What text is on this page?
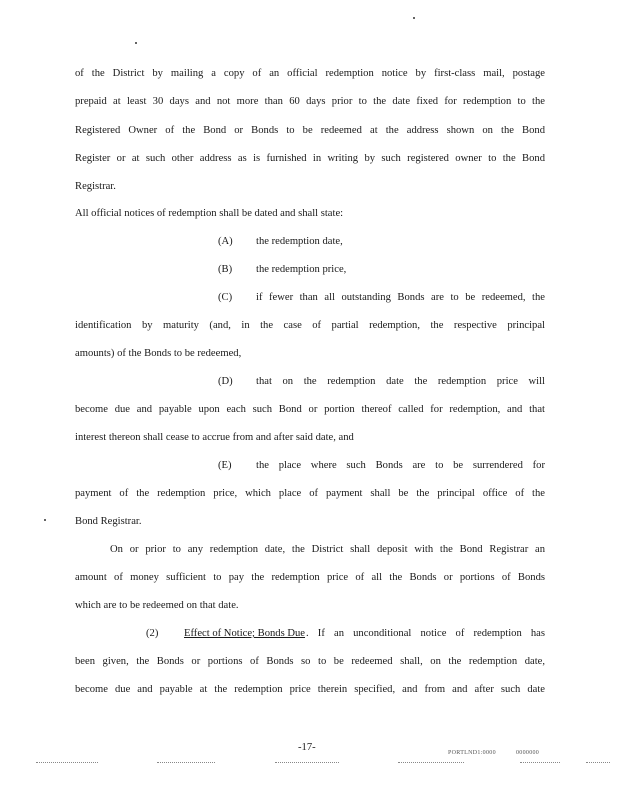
of the District by mailing a copy of an official redemption notice by first-class mail, postage
prepaid at least 30 days and not more than 60 days prior to the date fixed for redemption to the
Registered Owner of the Bond or Bonds to be redeemed at the address shown on the Bond
Register or at such other address as is furnished in writing by such registered owner to the Bond
Registrar.
All official notices of redemption shall be dated and shall state:
(A) the redemption date,
(B) the redemption price,
(C) if fewer than all outstanding Bonds are to be redeemed, the
identification by maturity (and, in the case of partial redemption, the respective principal
amounts) of the Bonds to be redeemed,
(D) that on the redemption date the redemption price will
become due and payable upon each such Bond or portion thereof called for redemption, and that
interest thereon shall cease to accrue from and after said date, and
(E) the place where such Bonds are to be surrendered for
payment of the redemption price, which place of payment shall be the principal office of the
Bond Registrar.
On or prior to any redemption date, the District shall deposit with the Bond Registrar an
amount of money sufficient to pay the redemption price of all the Bonds or portions of Bonds
which are to be redeemed on that date.
(2) Effect of Notice; Bonds Due . If an unconditional notice of redemption has
been given, the Bonds or portions of Bonds so to be redeemed shall, on the redemption date,
become due and payable at the redemption price therein specified, and from and after such date
-17-	PORTLND1:0000	0000000
